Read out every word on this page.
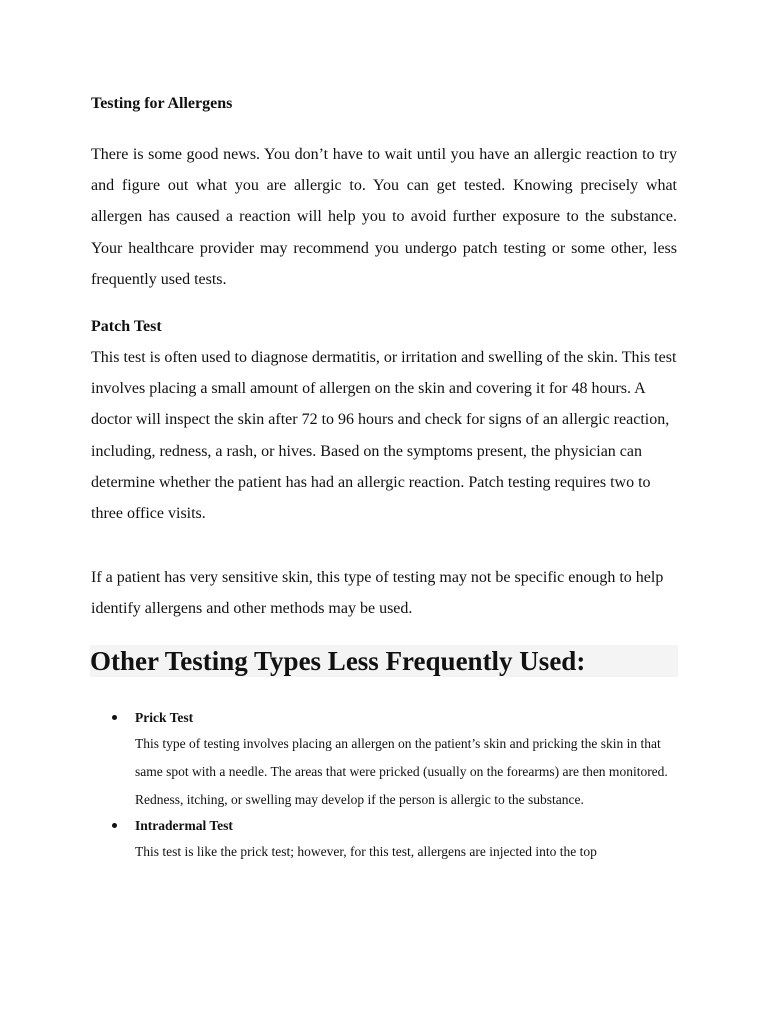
Testing for Allergens

There is some good news. You don’t have to wait until you have an allergic reaction to try and figure out what you are allergic to. You can get tested. Knowing precisely what allergen has caused a reaction will help you to avoid further exposure to the substance. Your healthcare provider may recommend you undergo patch testing or some other, less frequently used tests.

Patch Test

This test is often used to diagnose dermatitis, or irritation and swelling of the skin. This test involves placing a small amount of allergen on the skin and covering it for 48 hours. A doctor will inspect the skin after 72 to 96 hours and check for signs of an allergic reaction, including, redness, a rash, or hives. Based on the symptoms present, the physician can determine whether the patient has had an allergic reaction. Patch testing requires two to three office visits.

If a patient has very sensitive skin, this type of testing may not be specific enough to help identify allergens and other methods may be used.

Other Testing Types Less Frequently Used:
Prick Test
This type of testing involves placing an allergen on the patient’s skin and pricking the skin in that same spot with a needle. The areas that were pricked (usually on the forearms) are then monitored. Redness, itching, or swelling may develop if the person is allergic to the substance.
Intradermal Test
This test is like the prick test; however, for this test, allergens are injected into the top
